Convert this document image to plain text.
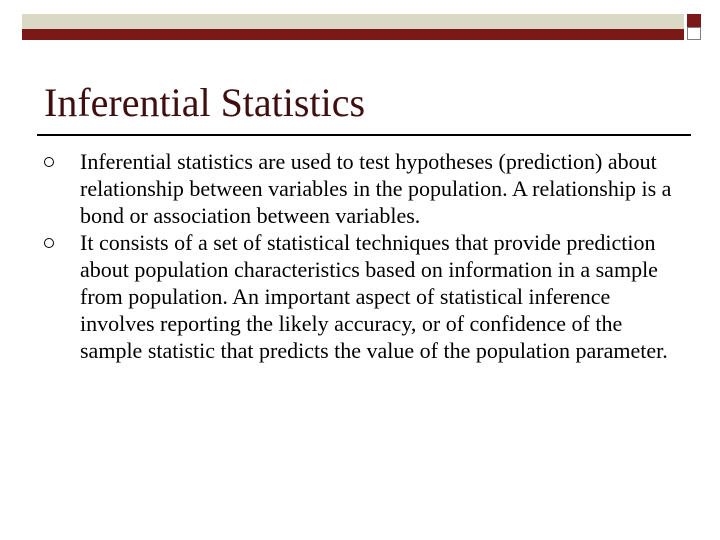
Inferential Statistics
Inferential statistics are used to test hypotheses (prediction) about relationship between variables in the population. A relationship is a bond or association between variables.
It consists of a set of statistical techniques that provide prediction about population characteristics based on information in a sample from population. An important aspect of statistical inference involves reporting the likely accuracy, or of confidence of the sample statistic that predicts the value of the population parameter.
